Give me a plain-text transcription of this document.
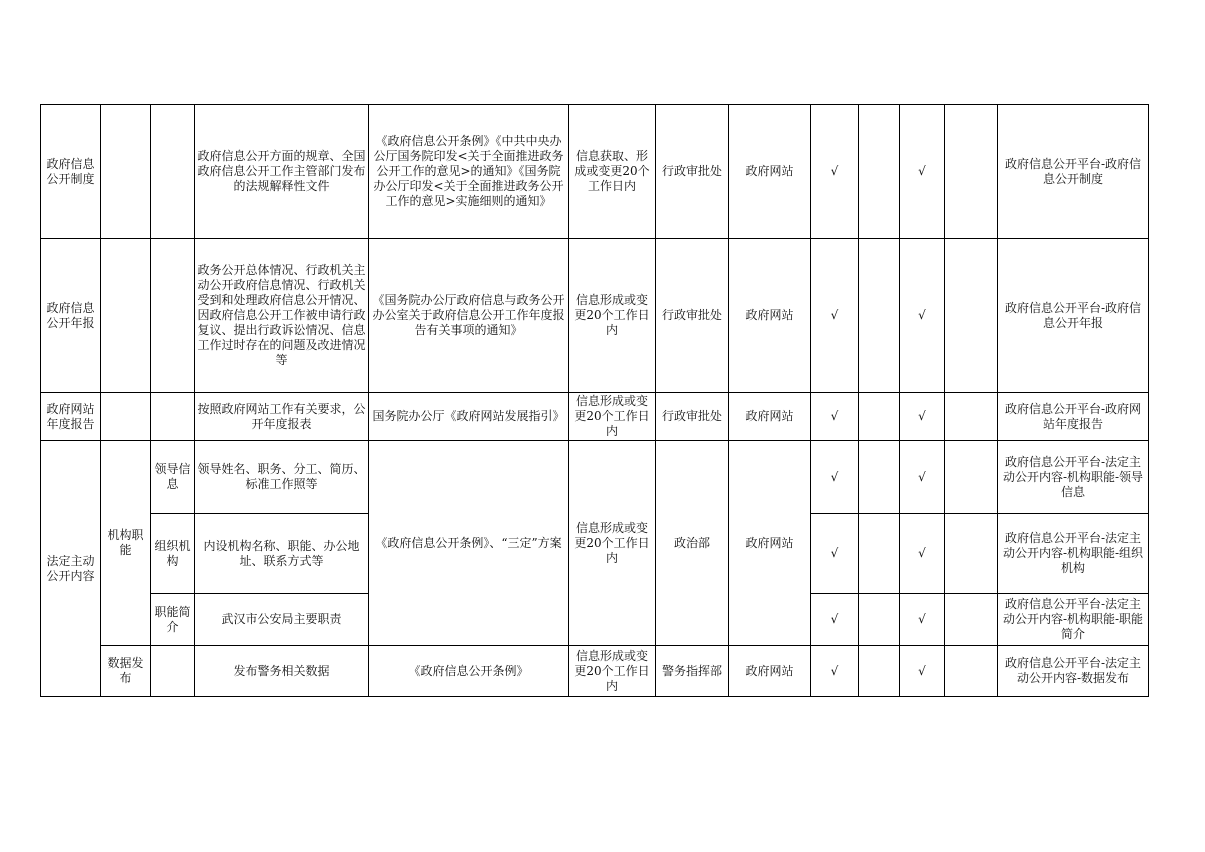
政府信息公开制度			政府信息公开方面的规章、全国政府信息公开工作主管部门发布的法规解释性文件	《政府信息公开条例》《中共中央办公厅国务院印发<关于全面推进政务公开工作的意见>的通知》《国务院办公厅印发<关于全面推进政务公开工作的意见>实施细则的通知》	信息获取、形成或变更20个工作日内	行政审批处	政府网站	√		√		政府信息公开平台-政府信息公开制度
政府信息公开年报			政务公开总体情况、行政机关主动公开政府信息情况、行政机关受到和处理政府信息公开情况、因政府信息公开工作被申请行政复议、提出行政诉讼情况、信息工作过时存在的问题及改进情况等	《国务院办公厅政府信息与政务公开办公室关于政府信息公开工作年度报告有关事项的通知》	信息形成或变更20个工作日内	行政审批处	政府网站	√		√		政府信息公开平台-政府信息公开年报
政府网站年度报告			按照政府网站工作有关要求，公开年度报表	国务院办公厅《政府网站发展指引》	信息形成或变更20个工作日内	行政审批处	政府网站	√		√		政府信息公开平台-政府网站年度报告
法定主动公开内容	机构职能	领导信息	领导姓名、职务、分工、简历、标准工作照等	《政府信息公开条例》、“三定”方案	信息形成或变更20个工作日内	政治部	政府网站	√		√		政府信息公开平台-法定主动公开内容-机构职能-领导信息
		组织机构	内设机构名称、职能、办公地址、联系方式等					√		√		政府信息公开平台-法定主动公开内容-机构职能-组织机构
		职能简介	武汉市公安局主要职责					√		√		政府信息公开平台-法定主动公开内容-机构职能-职能简介
	数据发布		发布警务相关数据	《政府信息公开条例》	信息形成或变更20个工作日内	警务指挥部	政府网站	√		√		政府信息公开平台-法定主动公开内容-数据发布
